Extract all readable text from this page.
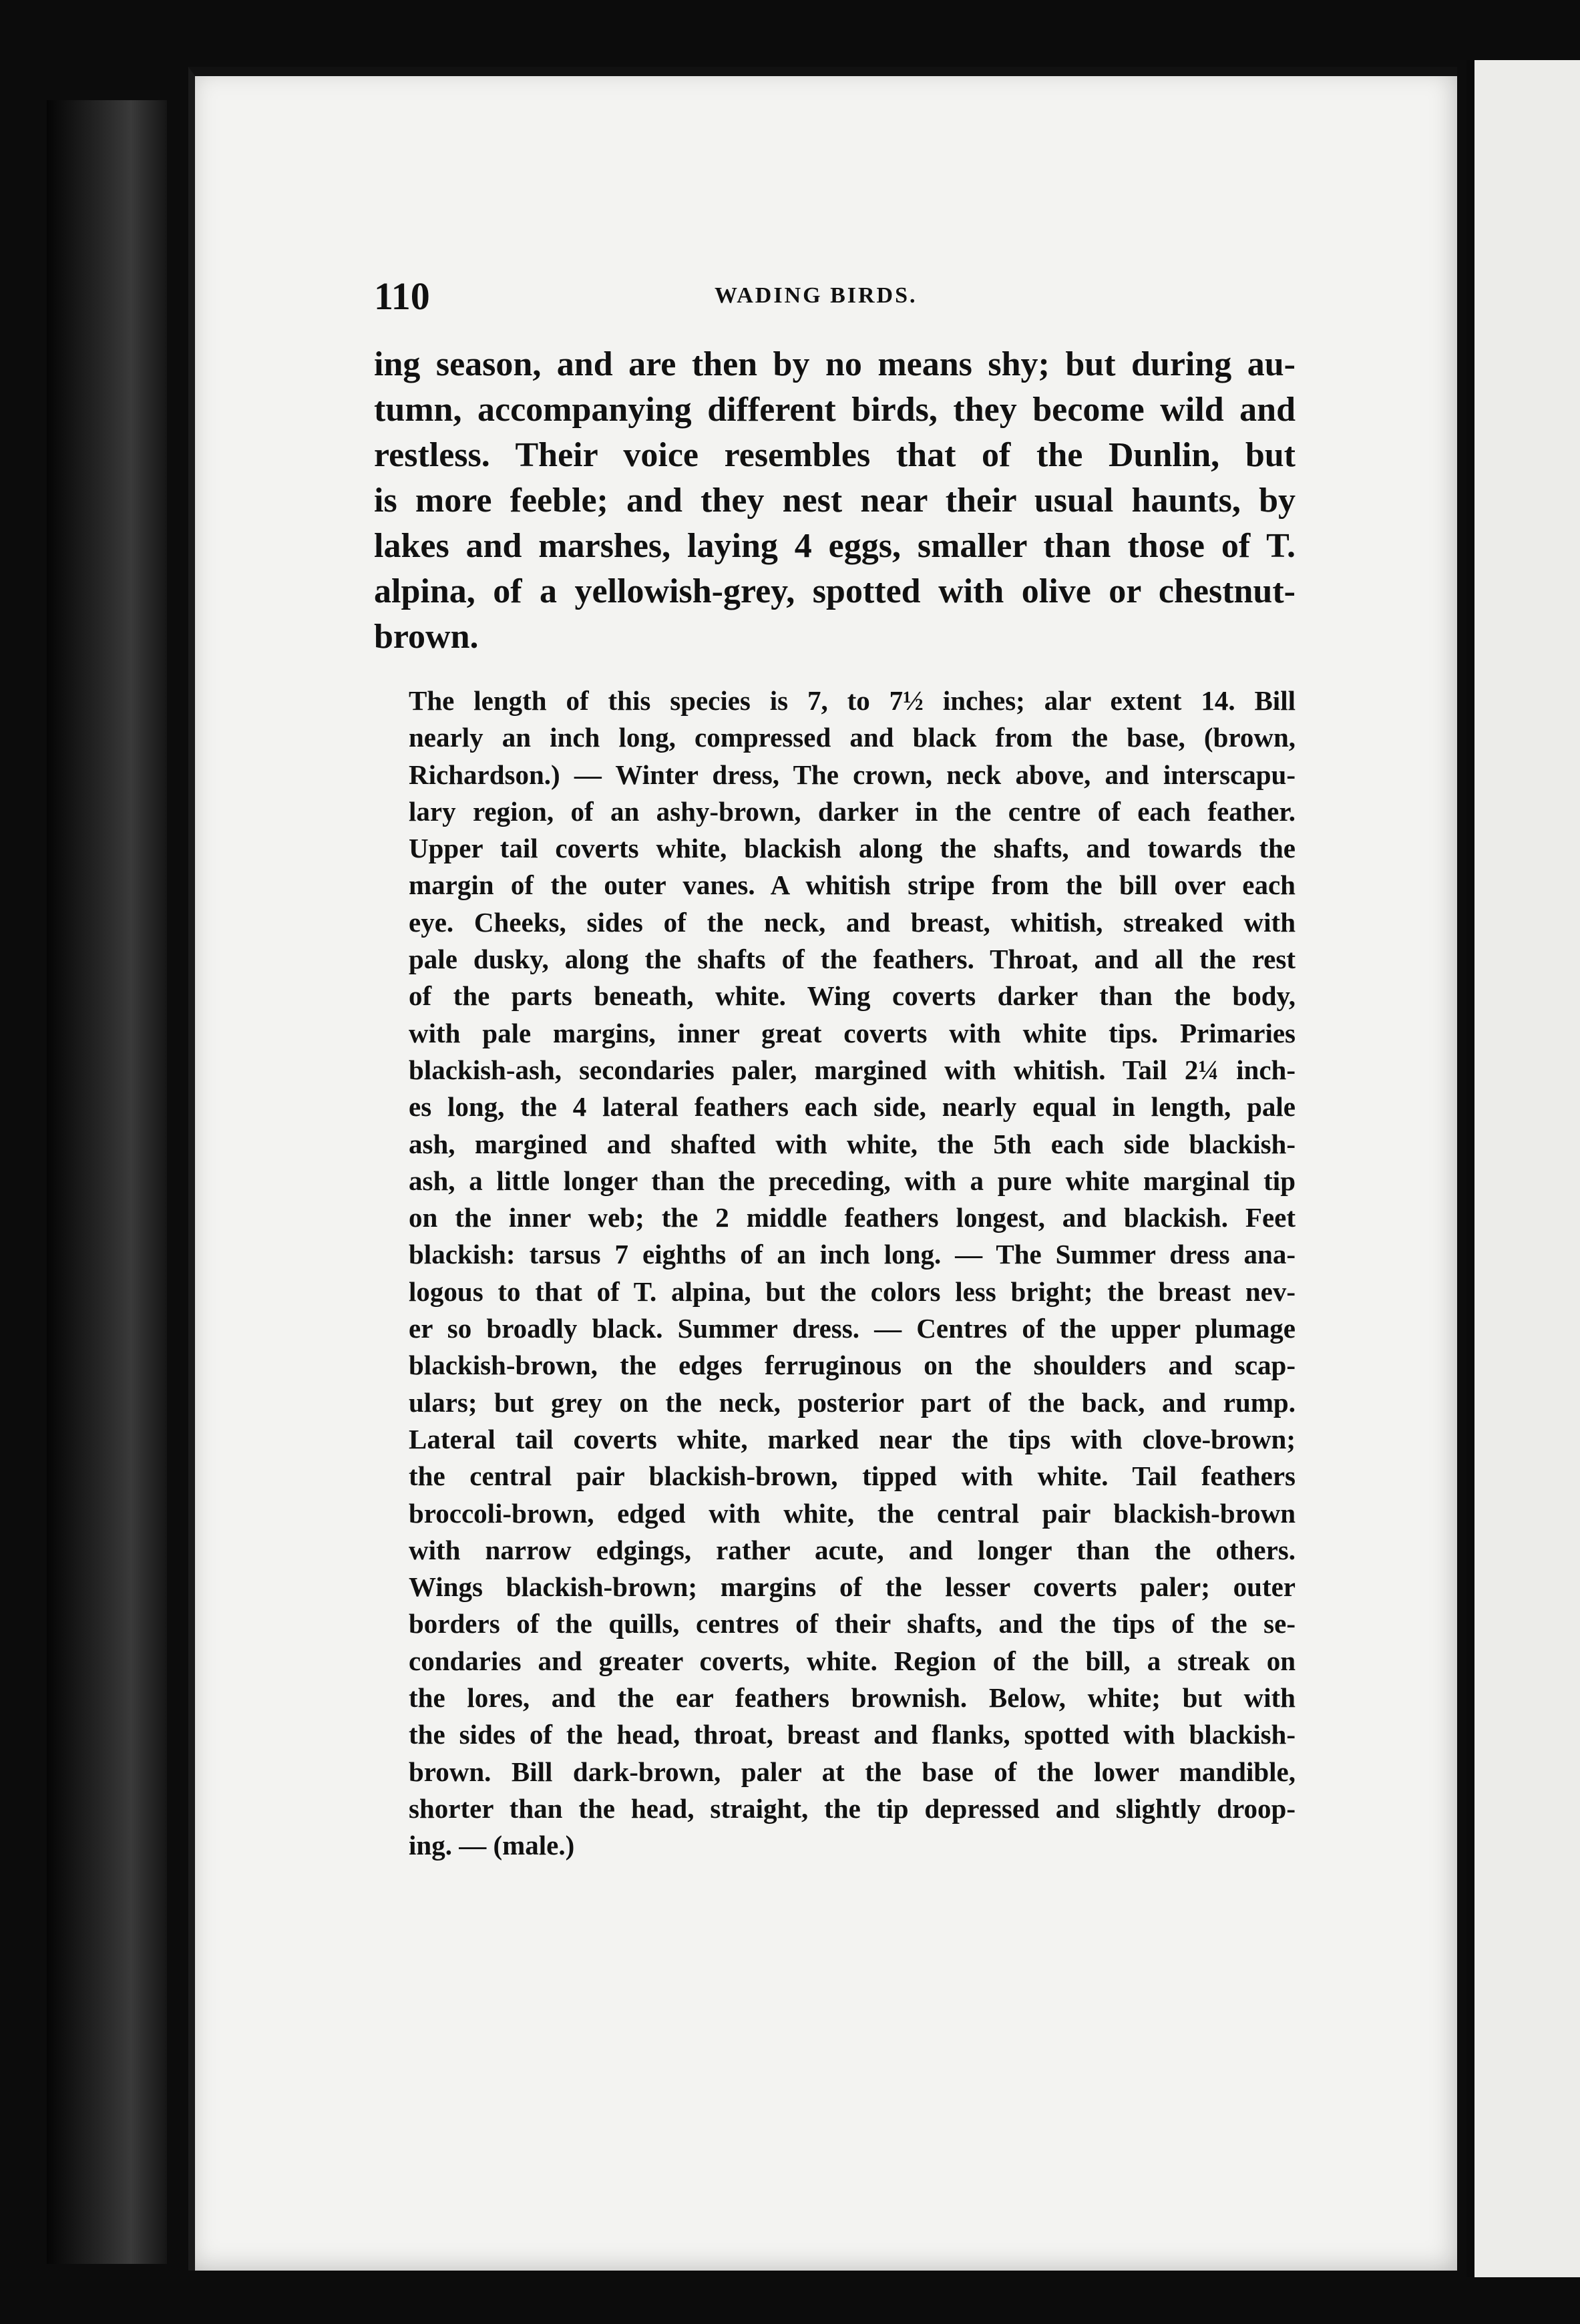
110	WADING BIRDS.
ing season, and are then by no means shy; but during au-
tumn, accompanying different birds, they become wild and
restless. Their voice resembles that of the Dunlin, but
is more feeble; and they nest near their usual haunts, by
lakes and marshes, laying 4 eggs, smaller than those of T.
alpina, of a yellowish-grey, spotted with olive or chestnut-
brown.
The length of this species is 7, to 7½ inches; alar extent 14. Bill
nearly an inch long, compressed and black from the base, (brown,
Richardson.) — Winter dress, The crown, neck above, and interscapu-
lary region, of an ashy-brown, darker in the centre of each feather.
Upper tail coverts white, blackish along the shafts, and towards the
margin of the outer vanes. A whitish stripe from the bill over each
eye. Cheeks, sides of the neck, and breast, whitish, streaked with
pale dusky, along the shafts of the feathers. Throat, and all the rest
of the parts beneath, white. Wing coverts darker than the body,
with pale margins, inner great coverts with white tips. Primaries
blackish-ash, secondaries paler, margined with whitish. Tail 2¼ inch-
es long, the 4 lateral feathers each side, nearly equal in length, pale
ash, margined and shafted with white, the 5th each side blackish-
ash, a little longer than the preceding, with a pure white marginal tip
on the inner web; the 2 middle feathers longest, and blackish. Feet
blackish: tarsus 7 eighths of an inch long. — The Summer dress ana-
logous to that of T. alpina, but the colors less bright; the breast nev-
er so broadly black. Summer dress. — Centres of the upper plumage
blackish-brown, the edges ferruginous on the shoulders and scap-
ulars; but grey on the neck, posterior part of the back, and rump.
Lateral tail coverts white, marked near the tips with clove-brown;
the central pair blackish-brown, tipped with white. Tail feathers
broccoli-brown, edged with white, the central pair blackish-brown
with narrow edgings, rather acute, and longer than the others.
Wings blackish-brown; margins of the lesser coverts paler; outer
borders of the quills, centres of their shafts, and the tips of the se-
condaries and greater coverts, white. Region of the bill, a streak on
the lores, and the ear feathers brownish. Below, white; but with
the sides of the head, throat, breast and flanks, spotted with blackish-
brown. Bill dark-brown, paler at the base of the lower mandible,
shorter than the head, straight, the tip depressed and slightly droop-
ing. — (male.)
